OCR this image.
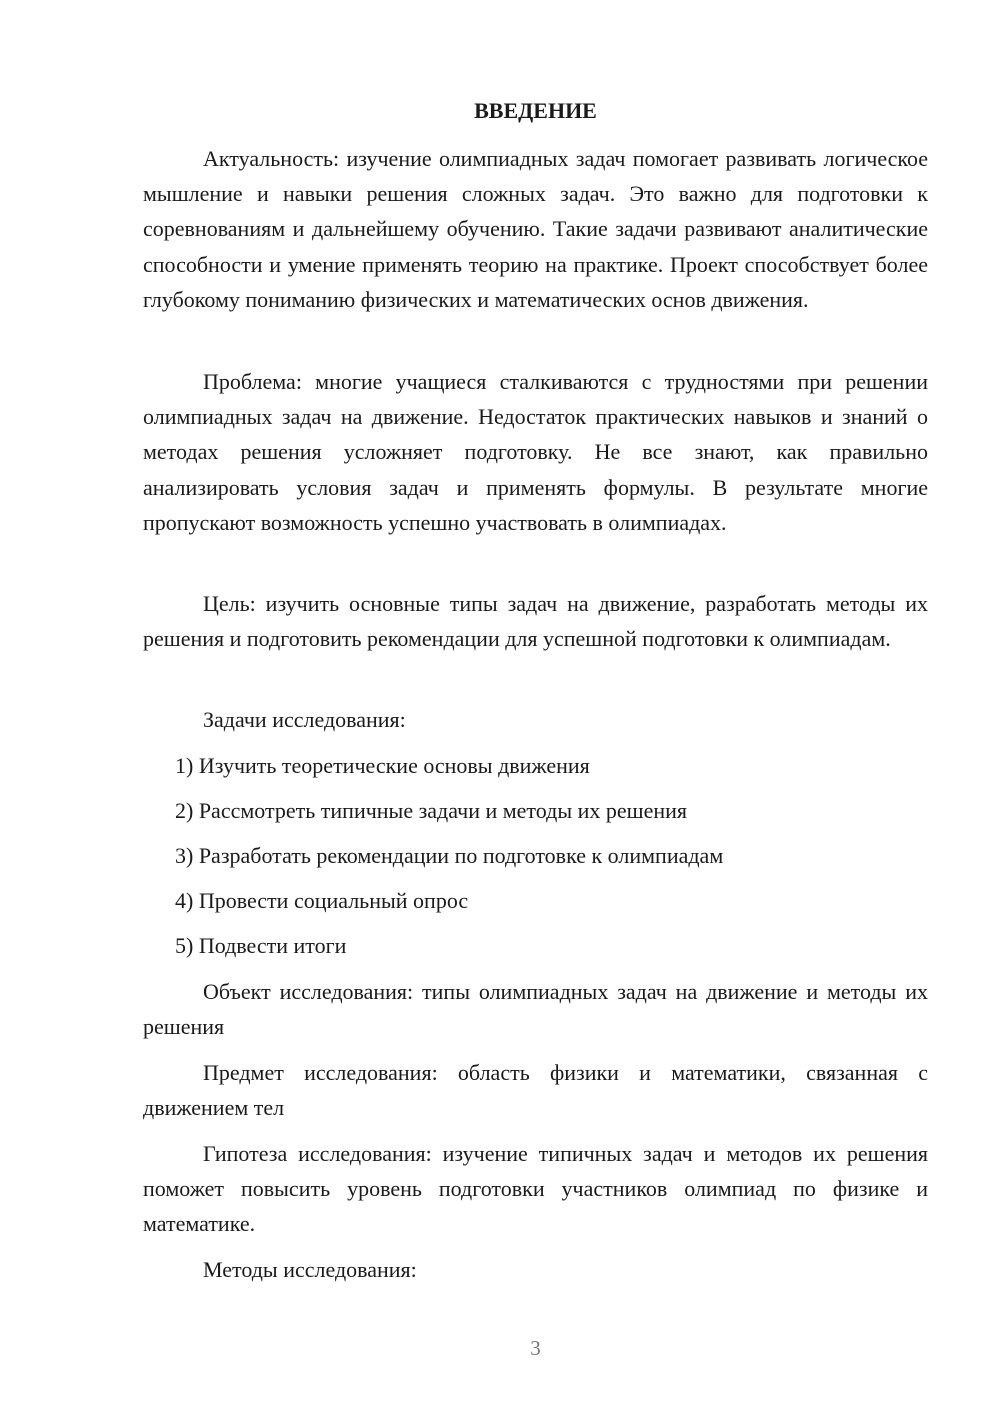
ВВЕДЕНИЕ

Актуальность: изучение олимпиадных задач помогает развивать логическое мышление и навыки решения сложных задач. Это важно для подготовки к соревнованиям и дальнейшему обучению. Такие задачи развивают аналитические способности и умение применять теорию на практике. Проект способствует более глубокому пониманию физических и математических основ движения.

Проблема: многие учащиеся сталкиваются с трудностями при решении олимпиадных задач на движение. Недостаток практических навыков и знаний о методах решения усложняет подготовку. Не все знают, как правильно анализировать условия задач и применять формулы. В результате многие пропускают возможность успешно участвовать в олимпиадах.

Цель: изучить основные типы задач на движение, разработать методы их решения и подготовить рекомендации для успешной подготовки к олимпиадам.

Задачи исследования:

1) Изучить теоретические основы движения

2) Рассмотреть типичные задачи и методы их решения

3) Разработать рекомендации по подготовке к олимпиадам

4) Провести социальный опрос

5) Подвести итоги

Объект исследования: типы олимпиадных задач на движение и методы их решения

Предмет исследования: область физики и математики, связанная с движением тел

Гипотеза исследования: изучение типичных задач и методов их решения поможет повысить уровень подготовки участников олимпиад по физике и математике.

Методы исследования:

3
